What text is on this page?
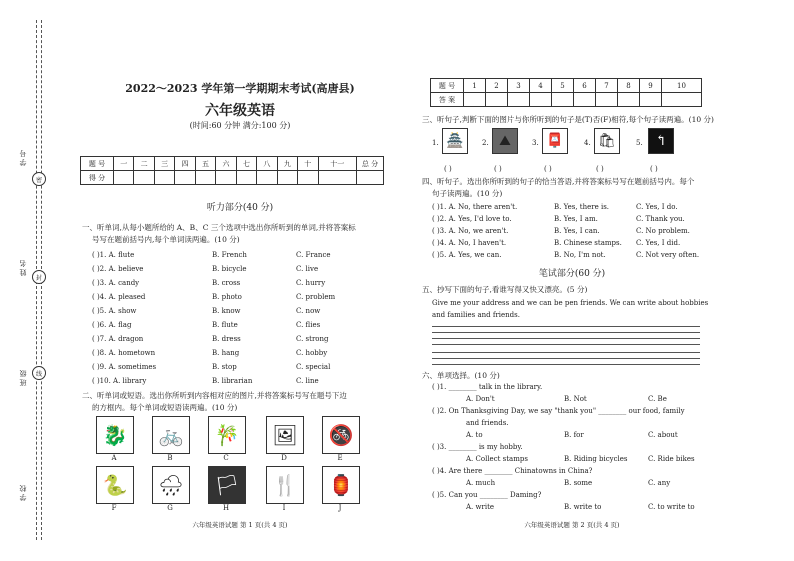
学 号
姓 名
班 级
学 校
密
封
线
2022～2023 学年第一学期期末考试(高唐县)
六年级英语
(时间:60 分钟 满分:100 分)
题 号	一	二	三	四	五	六	七	八	九	十	十一	总 分
得 分												
听力部分(40 分)
一、听单词,从每小题所给的 A、B、C 三个选项中选出你所听到的单词,并将答案标
号写在题前括号内,每个单词读两遍。(10 分)
( )1. A. flute	B. French	C. France
( )2. A. believe	B. bicycle	C. live
( )3. A. candy	B. cross	C. hurry
( )4. A. pleased	B. photo	C. problem
( )5. A. show	B. know	C. now
( )6. A. flag	B. flute	C. flies
( )7. A. dragon	B. dress	C. strong
( )8. A. hometown	B. hang	C. hobby
( )9. A. sometimes	B. stop	C. special
( )10. A. library	B. librarian	C. line
二、听单词或短语。选出你所听到内容相对应的图片,并将答案标号写在题号下边
的方框内。每个单词或短语读两遍。(10 分)
🐉	🚲	🎋	🖼	🚳
A	B	C	D	E
🐍	🌧	🏳	🍴	🏮
F	G	H	I	J
六年级英语试题 第 1 页(共 4 页)
题 号	1	2	3	4	5	6	7	8	9	10
答 案										
三、听句子,判断下面的图片与你所听到的句子是(T)否(F)相符,每个句子读两遍。(10 分)
1. 🏯	2. ⛰	3. 📮	4. 🛍	5. ↰
( )	( )	( )	( )	( )
四、听句子。选出你所听到的句子的恰当答语,并将答案标号写在题前括号内。每个
句子读两遍。(10 分)
( )1. A. No, there aren't.	B. Yes, there is.	C. Yes, I do.
( )2. A. Yes, I'd love to.	B. Yes, I am.	C. Thank you.
( )3. A. No, we aren't.	B. Yes, I can.	C. No problem.
( )4. A. No, I haven't.	B. Chinese stamps. C. Yes, I did.
( )5. A. Yes, we can.	B. No, I'm not.	C. Not very often.
笔试部分(60 分)
五、抄写下面的句子,看谁写得又快又漂亮。(5 分)
Give me your address and we can be pen friends. We can write about hobbies
and families and friends.
六、单项选择。(10 分)
( )1. ________ talk in the library.
A. Don't	B. Not	C. Be
( )2. On Thanksgiving Day, we say "thank you" ________ our food, family
and friends.
A. to	B. for	C. about
( )3. ________ is my hobby.
A. Collect stamps	B. Riding bicycles	C. Ride bikes
( )4. Are there ________ Chinatowns in China?
A. much	B. some	C. any
( )5. Can you ________ Daming?
A. write	B. write to	C. to write to
六年级英语试题 第 2 页(共 4 页)
